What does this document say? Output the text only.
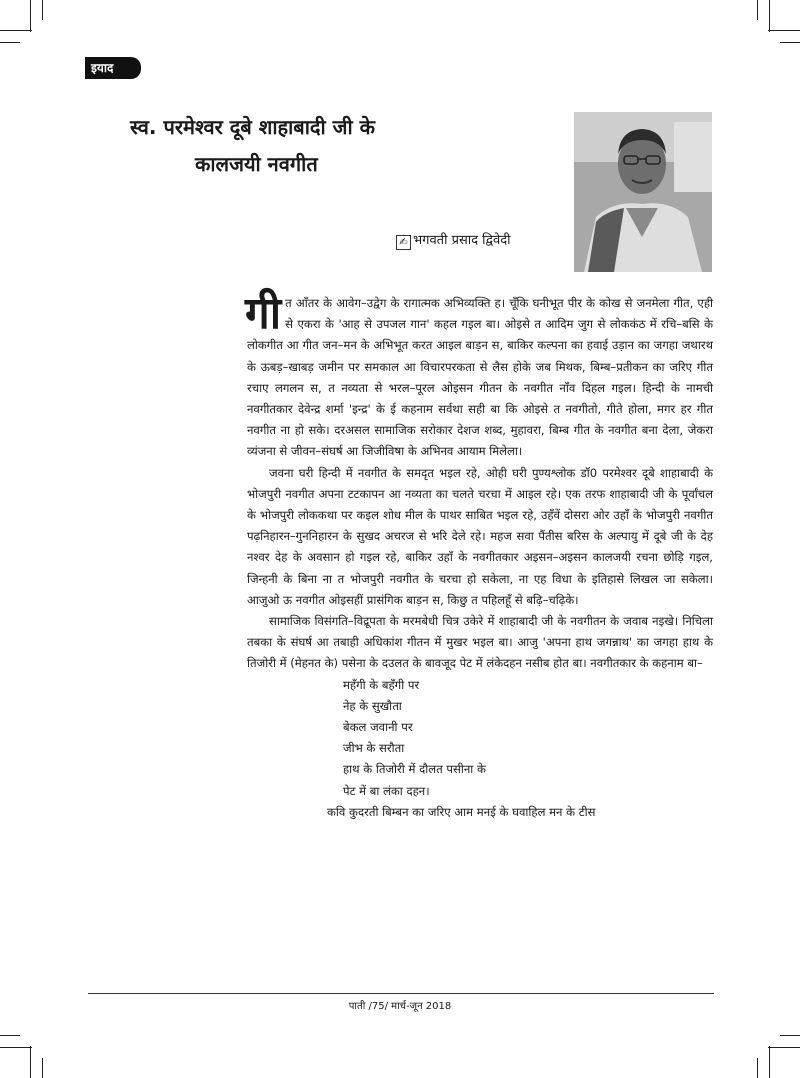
इयाद
स्व. परमेश्वर दूबे शाहाबादी जी के
कालजयी नवगीत
✍ भगवती प्रसाद द्विवेदी

गीत आँतर के आवेग–उद्वेग के रागात्मक अभिव्यक्ति ह। चूँकि घनीभूत पीर के कोख से जनमेला गीत, एही से एकरा के 'आह से उपजल गान' कहल गइल बा। ओइसे त आदिम जुग से लोककंठ में रचि–बसि के लोकगीत आ गीत जन–मन के अभिभूत करत आइल बाड़न स, बाकिर कल्पना का हवाई उड़ान का जगहा जथारथ के ऊबड़–खाबड़ जमीन पर समकाल आ विचारपरकता से लैस होके जब मिथक, बिम्ब–प्रतीकन का जरिए गीत रचाए लगलन स, त नव्यता से भरल–पूरल ओइसन गीतन के नवगीत नाँव दिहल गइल। हिन्दी के नामची नवगीतकार देवेन्द्र शर्मा 'इन्द्र' के ई कहनाम सर्वथा सही बा कि ओइसे त नवगीतो, गीते होला, मगर हर गीत नवगीत ना हो सके। दरअसल सामाजिक सरोकार देशज शब्द, मुहावरा, बिम्ब गीत के नवगीत बना देला, जेकरा व्यंजना से जीवन–संघर्ष आ जिजीविषा के अभिनव आयाम मिलेला।

जवना घरी हिन्दी में नवगीत के समदृत भइल रहे, ओही घरी पुण्यश्लोक डॉ0 परमेश्वर दूबे शाहाबादी के भोजपुरी नवगीत अपना टटकापन आ नव्यता का चलते चरचा में आइल रहे। एक तरफ शाहाबादी जी के पूर्वांचल के भोजपुरी लोककथा पर कइल शोध मील के पाथर साबित भइल रहे, उहँवें दोसरा ओर उहाँ के भोजपुरी नवगीत पढ़निहारन–गुननिहारन के सुखद अचरज से भरि देले रहे। महज सवा पैंतीस बरिस के अल्पायु में दूबे जी के देह नश्वर देह के अवसान हो गइल रहे, बाकिर उहाँ के नवगीतकार अइसन–अइसन कालजयी रचना छोड़ि गइल, जिन्हनी के बिना ना त भोजपुरी नवगीत के चरचा हो सकेला, ना एह विधा के इतिहासे लिखल जा सकेला। आजुओ ऊ नवगीत ओइसहीं प्रासंगिक बाड़न स, किछु त पहिलहूँ से बढ़ि–चढ़िके।

सामाजिक विसंगति–विद्रूपता के मरमबेधी चित्र उकेरे में शाहाबादी जी के नवगीतन के जवाब नइखे। निचिला तबका के संघर्ष आ तबाही अधिकांश गीतन में मुखर भइल बा। आजु 'अपना हाथ जगन्नाथ' का जगहा हाथ के तिजोरी में (मेहनत के) पसेना के दउलत के बावजूद पेट में लंकेदहन नसीब होत बा। नवगीतकार के कहनाम बा–

महँगी के बहँगी पर
नेह के सुखौता
बेकल जवानी पर
जीभ के सरौता
हाथ के तिजोरी में दौलत पसीना के
पेट में बा लंका दहन।

कवि कुदरती बिम्बन का जरिए आम मनई के घवाहिल मन के टीस

पाती /75/ मार्च-जून 2018
